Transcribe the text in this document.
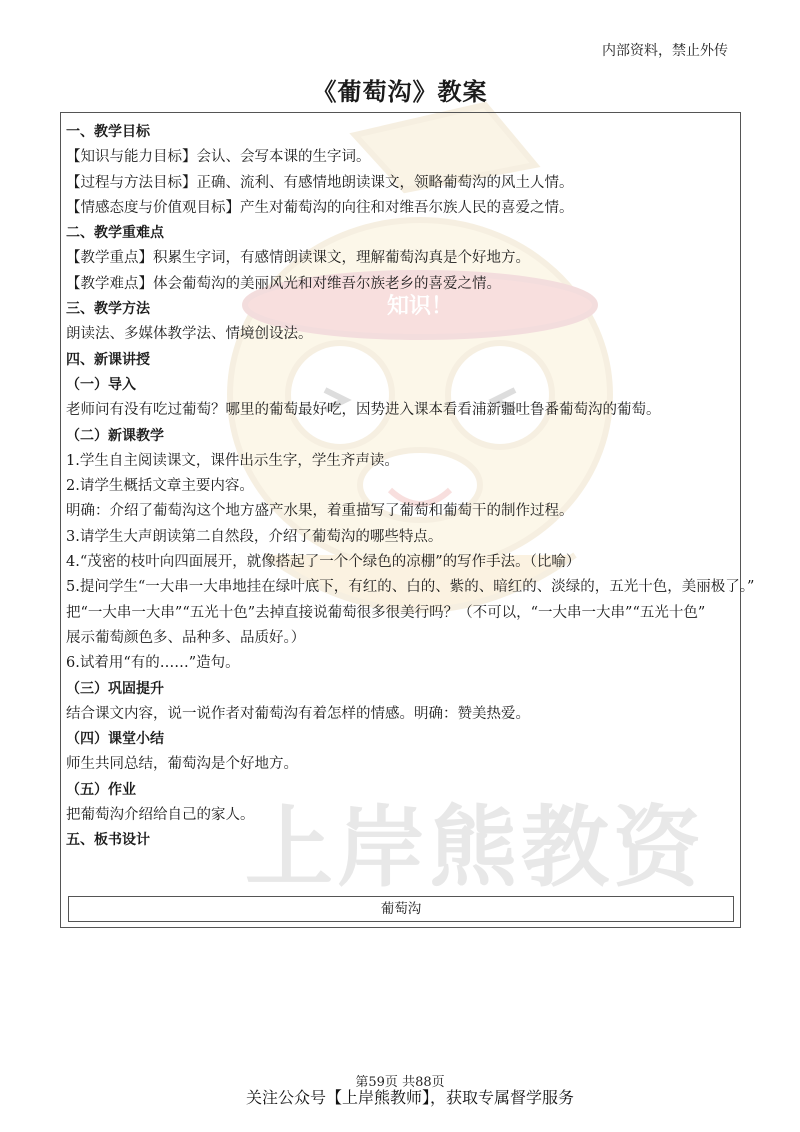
知识！
上岸熊教资
内部资料，禁止外传
《葡萄沟》教案
一、教学目标
【知识与能力目标】会认、会写本课的生字词。
【过程与方法目标】正确、流利、有感情地朗读课文，领略葡萄沟的风土人情。
【情感态度与价值观目标】产生对葡萄沟的向往和对维吾尔族人民的喜爱之情。
二、教学重难点
【教学重点】积累生字词，有感情朗读课文，理解葡萄沟真是个好地方。
【教学难点】体会葡萄沟的美丽风光和对维吾尔族老乡的喜爱之情。
三、教学方法
朗读法、多媒体教学法、情境创设法。
四、新课讲授
（一）导入
老师问有没有吃过葡萄？哪里的葡萄最好吃，因势进入课本看看浦新疆吐鲁番葡萄沟的葡萄。
（二）新课教学
1.学生自主阅读课文，课件出示生字，学生齐声读。
2.请学生概括文章主要内容。
明确：介绍了葡萄沟这个地方盛产水果，着重描写了葡萄和葡萄干的制作过程。
3.请学生大声朗读第二自然段，介绍了葡萄沟的哪些特点。
4.“茂密的枝叶向四面展开，就像搭起了一个个绿色的凉棚”的写作手法。（比喻）
5.提问学生“一大串一大串地挂在绿叶底下，有红的、白的、紫的、暗红的、淡绿的，五光十色，美丽极了。”
把“一大串一大串”“五光十色”去掉直接说葡萄很多很美行吗？（不可以，“一大串一大串”“五光十色”
展示葡萄颜色多、品种多、品质好。）
6.试着用“有的……”造句。
（三）巩固提升
结合课文内容，说一说作者对葡萄沟有着怎样的情感。明确：赞美热爱。
（四）课堂小结
师生共同总结，葡萄沟是个好地方。
（五）作业
把葡萄沟介绍给自己的家人。
五、板书设计
葡萄沟
第59页 共88页
关注公众号【上岸熊教师】，获取专属督学服务
